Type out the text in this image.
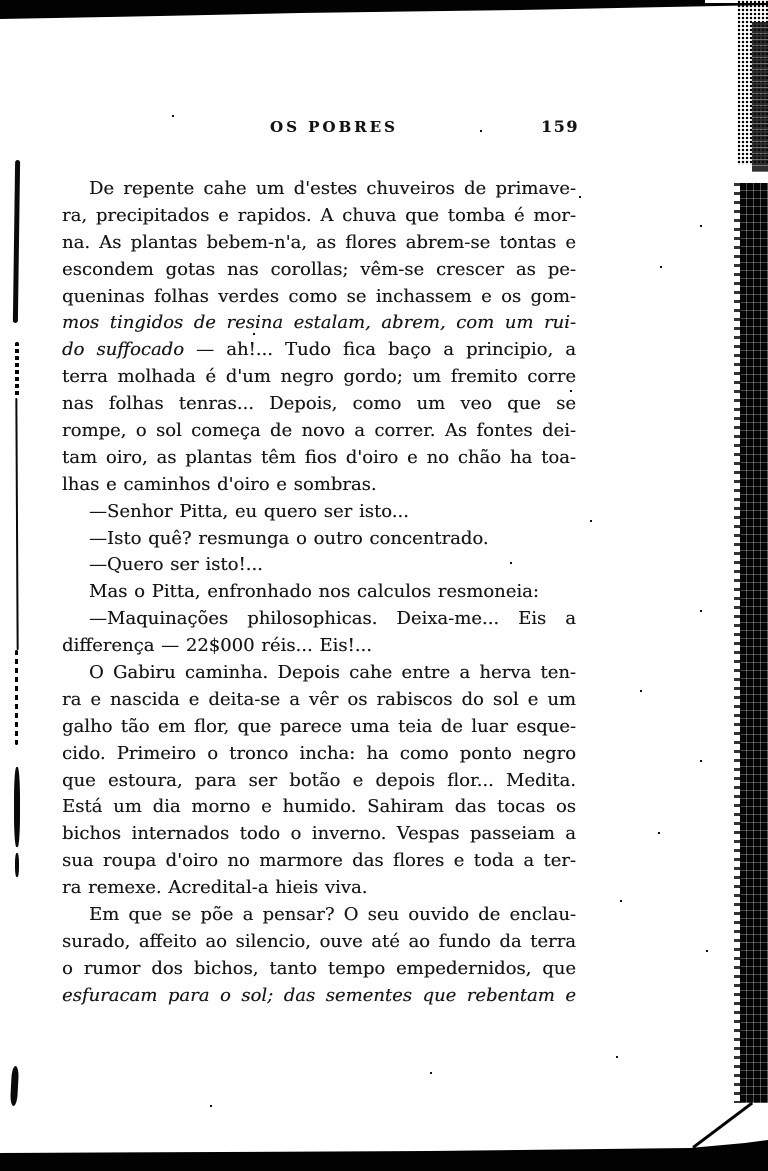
OS POBRES	159
De repente cahe um d'estes chuveiros de primave-
ra, precipitados e rapidos. A chuva que tomba é mor-
na. As plantas bebem-n'a, as flores abrem-se tontas e
escondem gotas nas corollas; vêm-se crescer as pe-
queninas folhas verdes como se inchassem e os gom-
mos tingidos de resina estalam, abrem, com um rui-
do suffocado — ah!... Tudo fica baço a principio, a
terra molhada é d'um negro gordo; um fremito corre
nas folhas tenras... Depois, como um veo que se
rompe, o sol começa de novo a correr. As fontes dei-
tam oiro, as plantas têm fios d'oiro e no chão ha toa-
lhas e caminhos d'oiro e sombras.
—Senhor Pitta, eu quero ser isto...
—Isto quê? resmunga o outro concentrado.
—Quero ser isto!...
Mas o Pitta, enfronhado nos calculos resmoneia:
—Maquinações philosophicas. Deixa-me... Eis a
differença — 22$000 réis... Eis!...
O Gabiru caminha. Depois cahe entre a herva ten-
ra e nascida e deita-se a vêr os rabiscos do sol e um
galho tão em flor, que parece uma teia de luar esque-
cido. Primeiro o tronco incha: ha como ponto negro
que estoura, para ser botão e depois flor... Medita.
Está um dia morno e humido. Sahiram das tocas os
bichos internados todo o inverno. Vespas passeiam a
sua roupa d'oiro no marmore das flores e toda a ter-
ra remexe. Acredital-a hieis viva.
Em que se põe a pensar? O seu ouvido de enclau-
surado, affeito ao silencio, ouve até ao fundo da terra
o rumor dos bichos, tanto tempo empedernidos, que
esfuracam para o sol; das sementes que rebentam e
